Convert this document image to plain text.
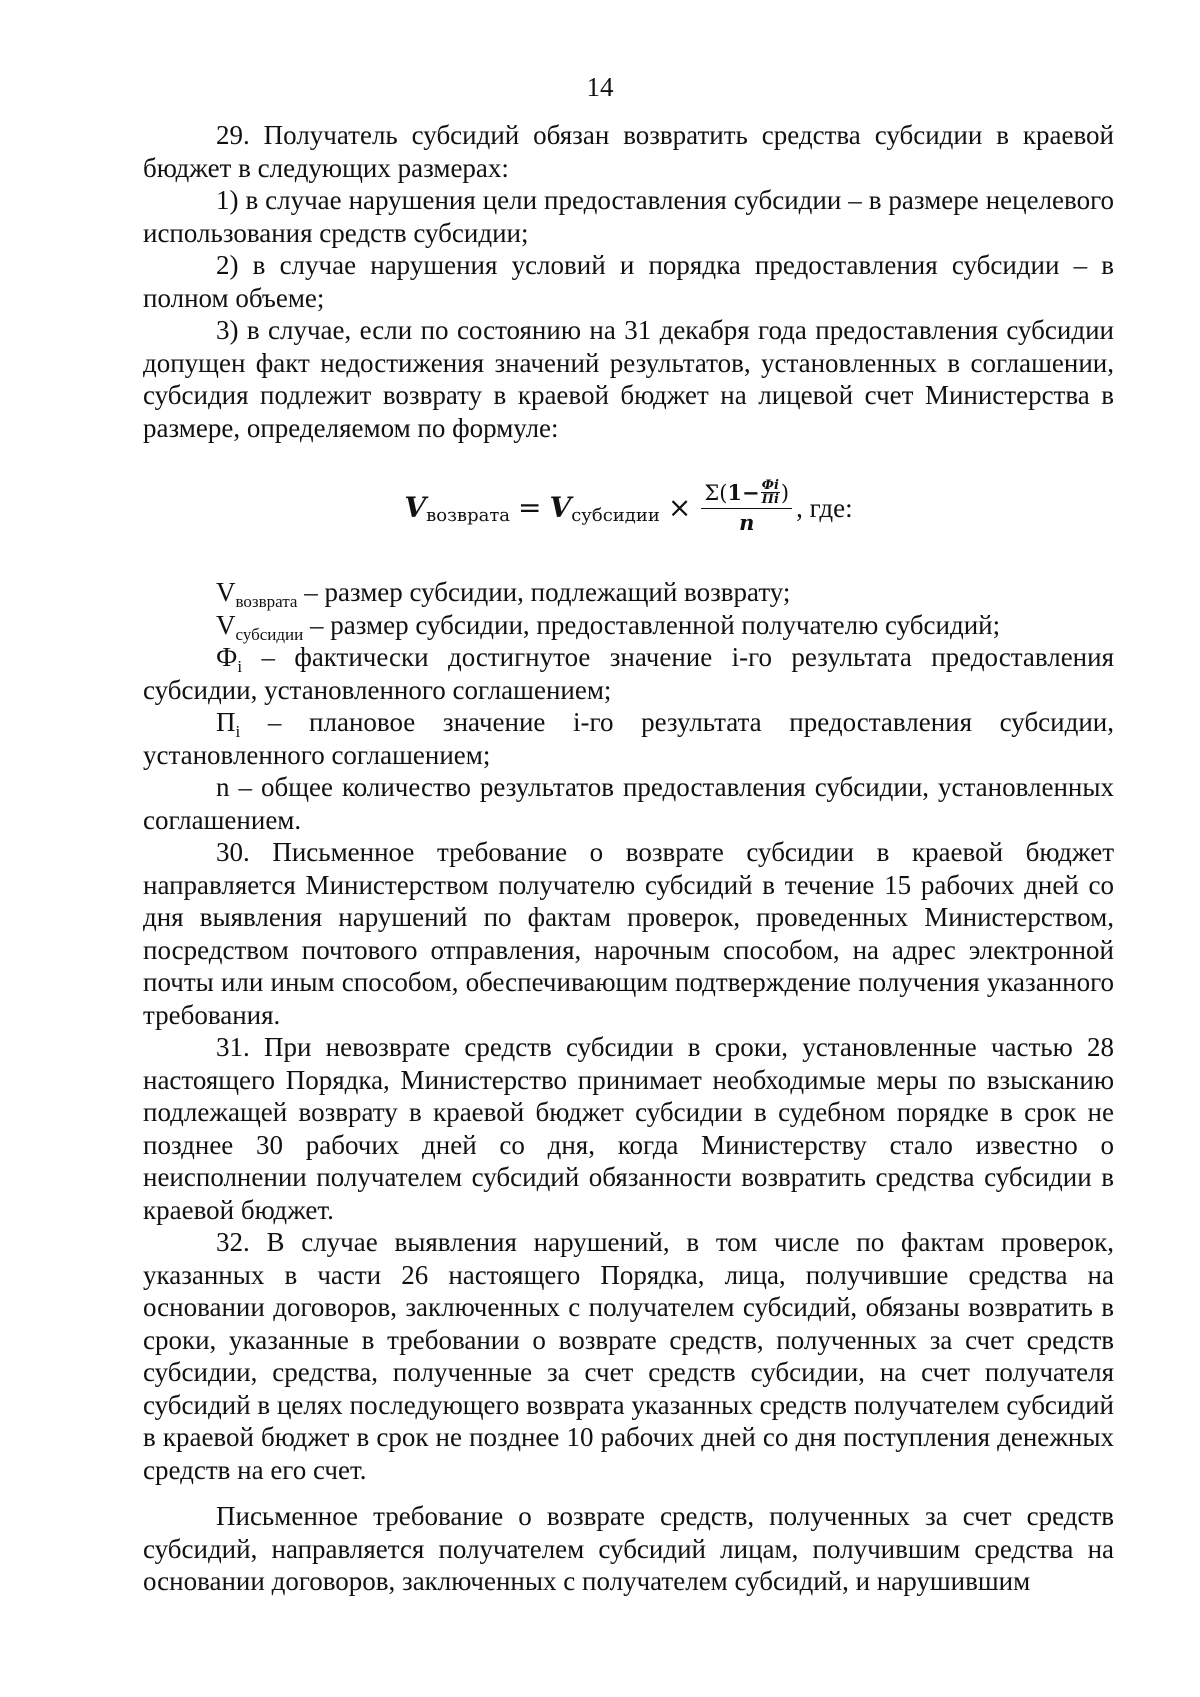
14

29. Получатель субсидий обязан возвратить средства субсидии в краевой бюджет в следующих размерах:

1) в случае нарушения цели предоставления субсидии – в размере нецелевого использования средств субсидии;

2) в случае нарушения условий и порядка предоставления субсидии – в полном объеме;

3) в случае, если по состоянию на 31 декабря года предоставления субсидии допущен факт недостижения значений результатов, установленных в соглашении, субсидия подлежит возврату в краевой бюджет на лицевой счет Министерства в размере, определяемом по формуле:

V возврата = V субсидии × $\frac{\Sigma( 1 - \frac{Фi}{Пi} )}{n}$ , где:

$V_{возврата}$ – размер субсидии, подлежащий возврату;

$V_{субсидии}$ – размер субсидии, предоставленной получателю субсидий;

$Ф_i$ – фактически достигнутое значение i-го результата предоставления субсидии, установленного соглашением;

$П_i$ – плановое значение i-го результата предоставления субсидии, установленного соглашением;

n – общее количество результатов предоставления субсидии, установленных соглашением.

30. Письменное требование о возврате субсидии в краевой бюджет направляется Министерством получателю субсидий в течение 15 рабочих дней со дня выявления нарушений по фактам проверок, проведенных Министерством, посредством почтового отправления, нарочным способом, на адрес электронной почты или иным способом, обеспечивающим подтверждение получения указанного требования.

31. При невозврате средств субсидии в сроки, установленные частью 28 настоящего Порядка, Министерство принимает необходимые меры по взысканию подлежащей возврату в краевой бюджет субсидии в судебном порядке в срок не позднее 30 рабочих дней со дня, когда Министерству стало известно о неисполнении получателем субсидий обязанности возвратить средства субсидии в краевой бюджет.

32. В случае выявления нарушений, в том числе по фактам проверок, указанных в части 26 настоящего Порядка, лица, получившие средства на основании договоров, заключенных с получателем субсидий, обязаны возвратить в сроки, указанные в требовании о возврате средств, полученных за счет средств субсидии, средства, полученные за счет средств субсидии, на счет получателя субсидий в целях последующего возврата указанных средств получателем субсидий в краевой бюджет в срок не позднее 10 рабочих дней со дня поступления денежных средств на его счет.

Письменное требование о возврате средств, полученных за счет средств субсидий, направляется получателем субсидий лицам, получившим средства на основании договоров, заключенных с получателем субсидий, и нарушившим
